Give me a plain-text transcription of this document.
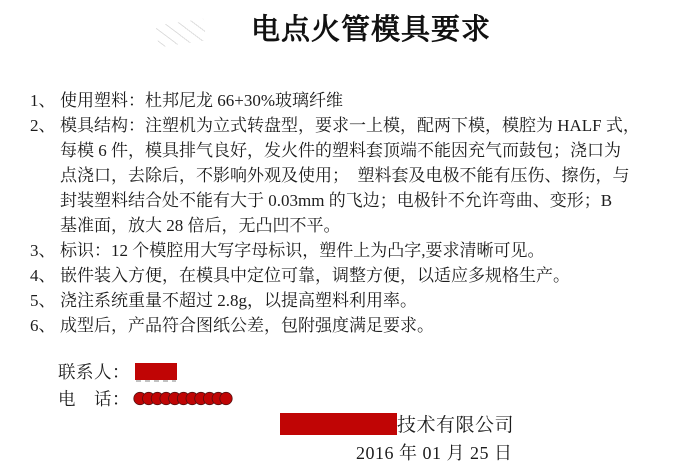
电点火管模具要求
1、 使用塑料：杜邦尼龙 66+30%玻璃纤维
2、 模具结构：注塑机为立式转盘型，要求一上模，配两下模，模腔为 HALF 式，
每模 6 件，模具排气良好，发火件的塑料套顶端不能因充气而鼓包；浇口为
点浇口，去除后，不影响外观及使用；  塑料套及电极不能有压伤、擦伤，与
封装塑料结合处不能有大于 0.03mm 的飞边；电极针不允许弯曲、变形；B
基准面，放大 28 倍后，无凸凹不平。
3、 标识：12 个模腔用大写字母标识，塑件上为凸字,要求清晰可见。
4、 嵌件装入方便，在模具中定位可靠，调整方便，以适应多规格生产。
5、 浇注系统重量不超过 2.8g，以提高塑料利用率。
6、 成型后，产品符合图纸公差，包附强度满足要求。
联系人：
电　话：
技术有限公司
2016 年 01 月 25 日
